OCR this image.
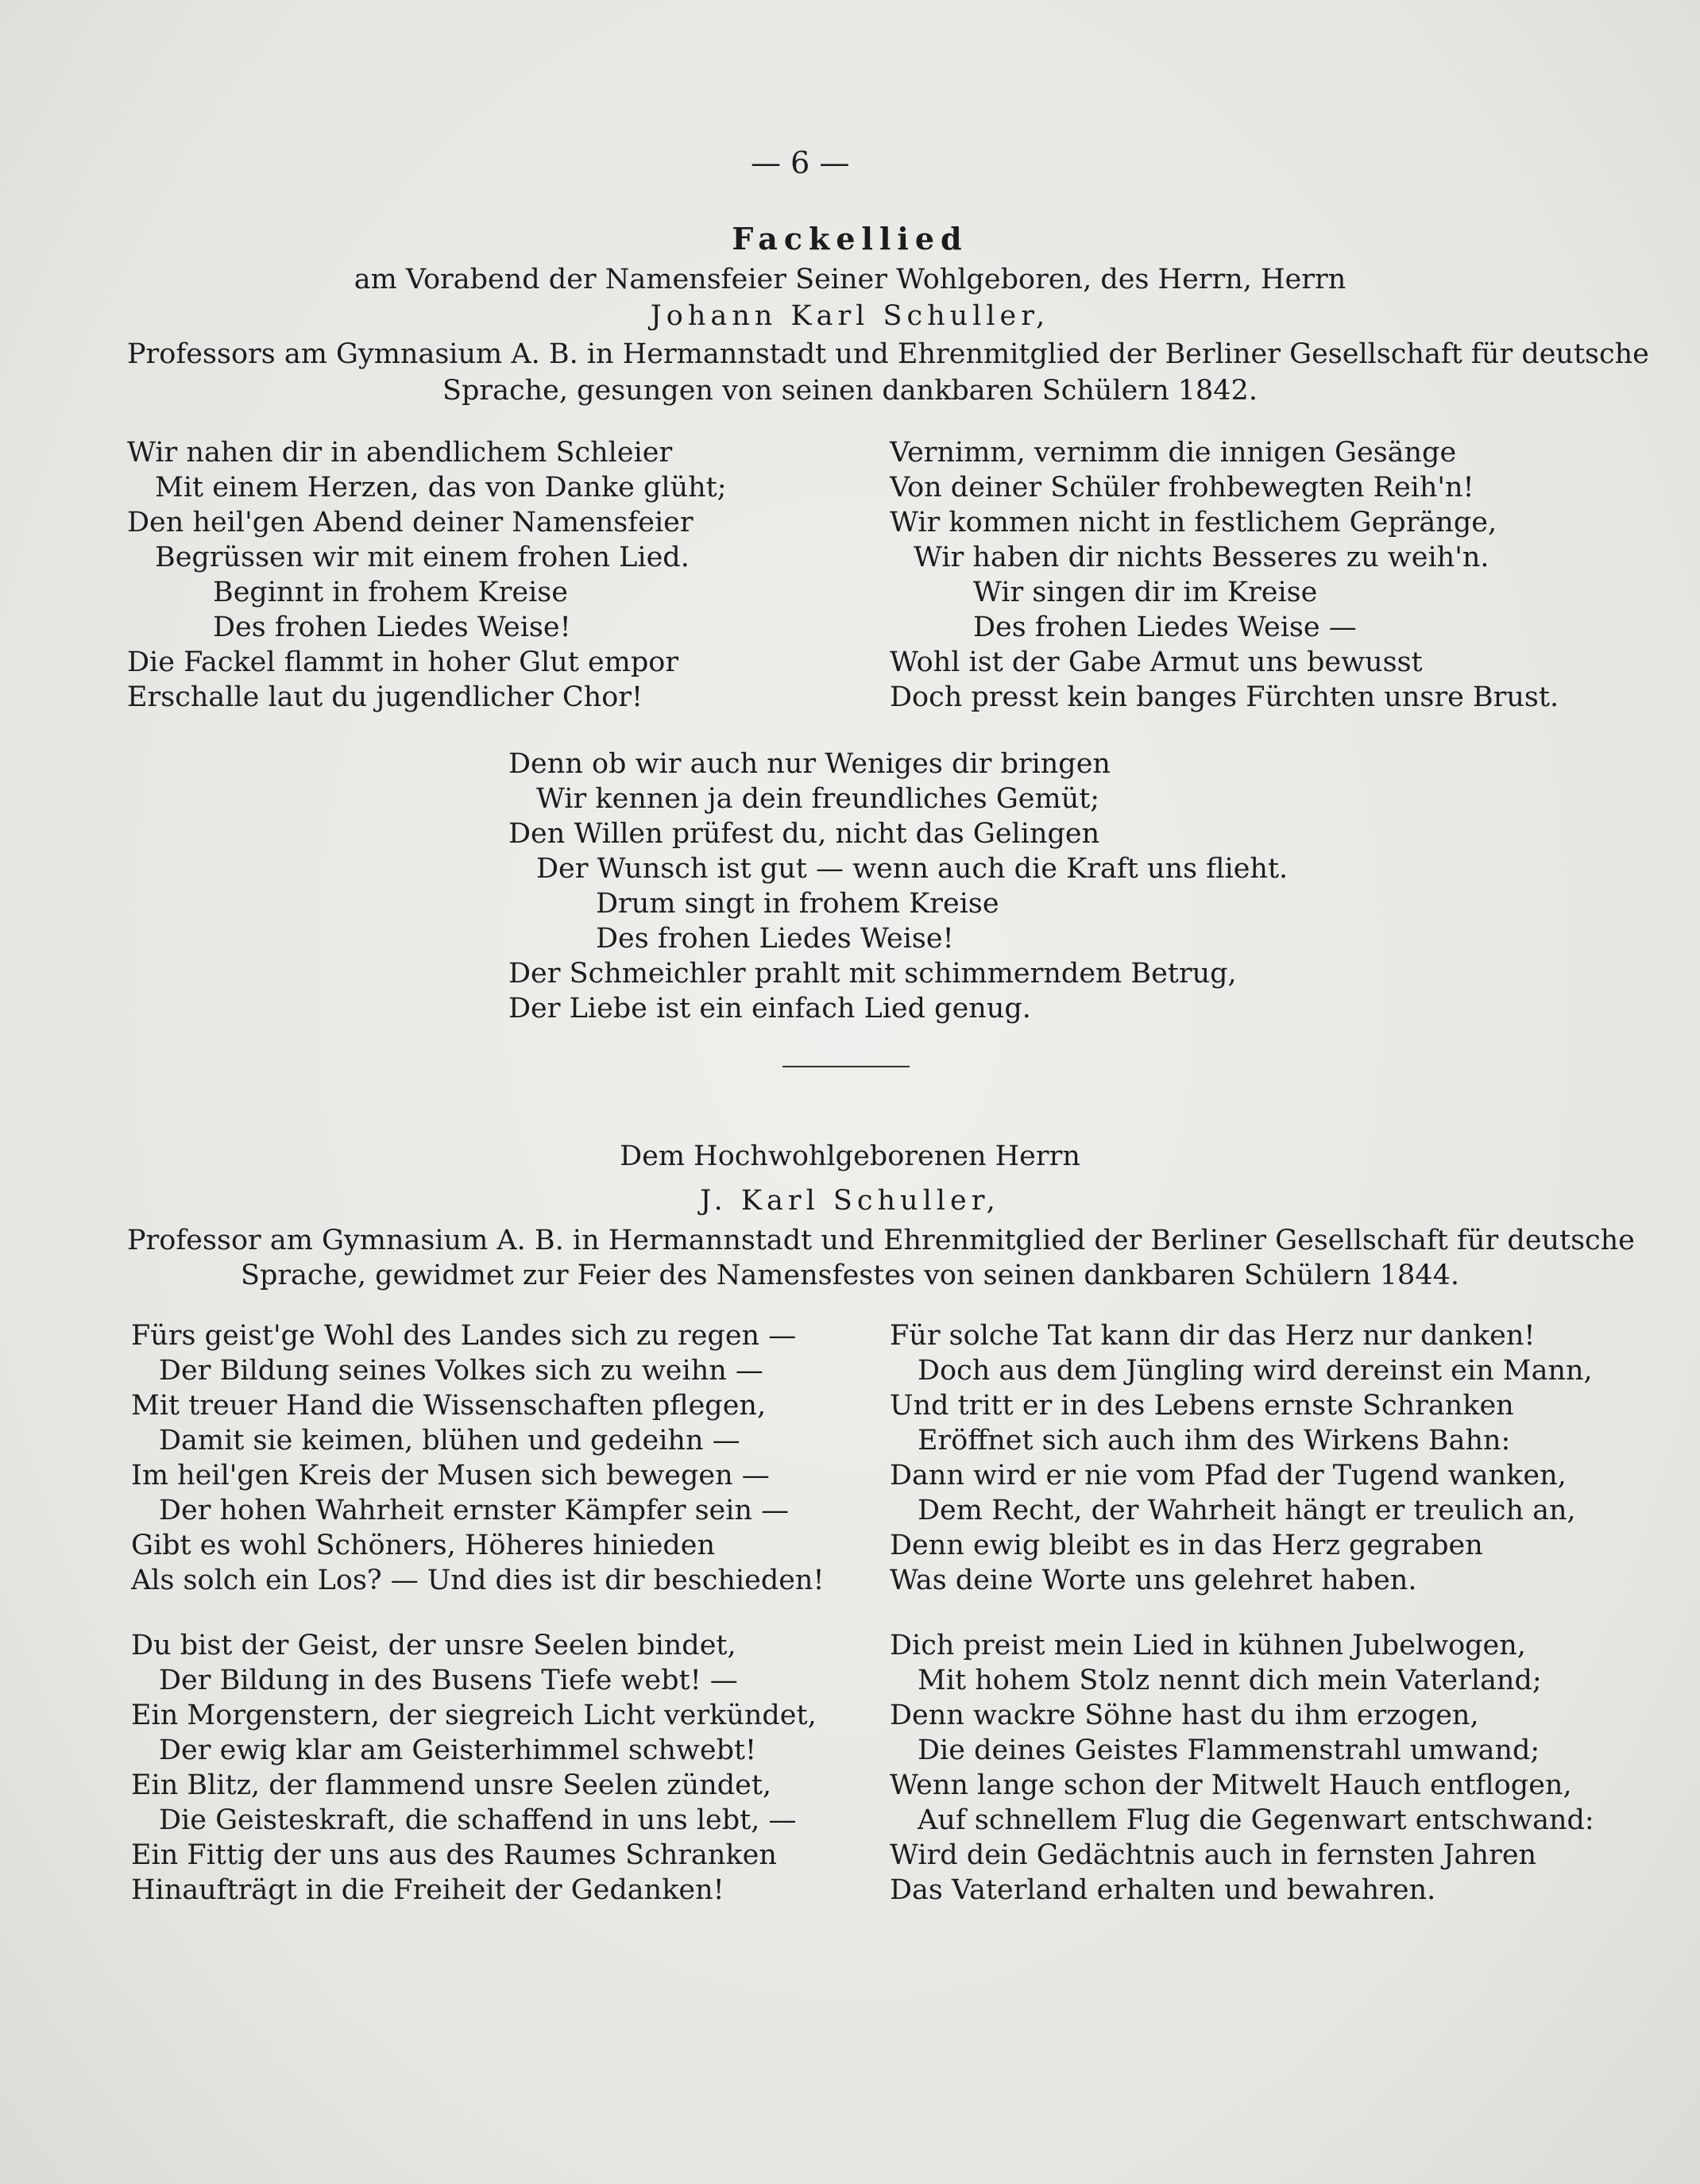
— 6 —
Fackellied
am Vorabend der Namensfeier Seiner Wohlgeboren, des Herrn, Herrn
Johann Karl Schuller,
Professors am Gymnasium A. B. in Hermannstadt und Ehrenmitglied der Berliner Gesellschaft für deutsche
Sprache, gesungen von seinen dankbaren Schülern 1842.
Wir nahen dir in abendlichem Schleier
Mit einem Herzen, das von Danke glüht;
Den heil'gen Abend deiner Namensfeier
Begrüssen wir mit einem frohen Lied.
Beginnt in frohem Kreise
Des frohen Liedes Weise!
Die Fackel flammt in hoher Glut empor
Erschalle laut du jugendlicher Chor!
Vernimm, vernimm die innigen Gesänge
Von deiner Schüler frohbewegten Reih'n!
Wir kommen nicht in festlichem Gepränge,
Wir haben dir nichts Besseres zu weih'n.
Wir singen dir im Kreise
Des frohen Liedes Weise —
Wohl ist der Gabe Armut uns bewusst
Doch presst kein banges Fürchten unsre Brust.
Denn ob wir auch nur Weniges dir bringen
Wir kennen ja dein freundliches Gemüt;
Den Willen prüfest du, nicht das Gelingen
Der Wunsch ist gut — wenn auch die Kraft uns flieht.
Drum singt in frohem Kreise
Des frohen Liedes Weise!
Der Schmeichler prahlt mit schimmerndem Betrug,
Der Liebe ist ein einfach Lied genug.
Dem Hochwohlgeborenen Herrn
J. Karl Schuller,
Professor am Gymnasium A. B. in Hermannstadt und Ehrenmitglied der Berliner Gesellschaft für deutsche
Sprache, gewidmet zur Feier des Namensfestes von seinen dankbaren Schülern 1844.
Fürs geist'ge Wohl des Landes sich zu regen —
Der Bildung seines Volkes sich zu weihn —
Mit treuer Hand die Wissenschaften pflegen,
Damit sie keimen, blühen und gedeihn —
Im heil'gen Kreis der Musen sich bewegen —
Der hohen Wahrheit ernster Kämpfer sein —
Gibt es wohl Schöners, Höheres hinieden
Als solch ein Los? — Und dies ist dir beschieden!
Für solche Tat kann dir das Herz nur danken!
Doch aus dem Jüngling wird dereinst ein Mann,
Und tritt er in des Lebens ernste Schranken
Eröffnet sich auch ihm des Wirkens Bahn:
Dann wird er nie vom Pfad der Tugend wanken,
Dem Recht, der Wahrheit hängt er treulich an,
Denn ewig bleibt es in das Herz gegraben
Was deine Worte uns gelehret haben.
Du bist der Geist, der unsre Seelen bindet,
Der Bildung in des Busens Tiefe webt! —
Ein Morgenstern, der siegreich Licht verkündet,
Der ewig klar am Geisterhimmel schwebt!
Ein Blitz, der flammend unsre Seelen zündet,
Die Geisteskraft, die schaffend in uns lebt, —
Ein Fittig der uns aus des Raumes Schranken
Hinaufträgt in die Freiheit der Gedanken!
Dich preist mein Lied in kühnen Jubelwogen,
Mit hohem Stolz nennt dich mein Vaterland;
Denn wackre Söhne hast du ihm erzogen,
Die deines Geistes Flammenstrahl umwand;
Wenn lange schon der Mitwelt Hauch entflogen,
Auf schnellem Flug die Gegenwart entschwand:
Wird dein Gedächtnis auch in fernsten Jahren
Das Vaterland erhalten und bewahren.
